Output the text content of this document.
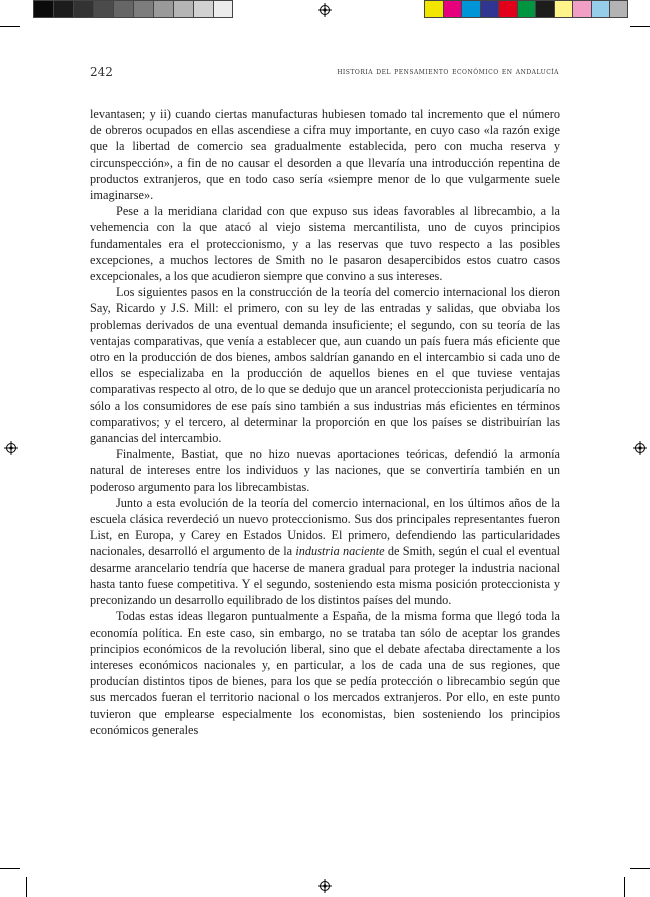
242	historia del pensamiento económico en andalucía

levantasen; y ii) cuando ciertas manufacturas hubiesen tomado tal incremento que el número de obreros ocupados en ellas ascendiese a cifra muy importante, en cuyo caso «la razón exige que la libertad de comercio sea gradualmente establecida, pero con mucha reserva y circunspección», a fin de no causar el desorden a que llevaría una introducción repentina de productos extranjeros, que en todo caso sería «siempre menor de lo que vulgarmente suele imaginarse».

Pese a la meridiana claridad con que expuso sus ideas favorables al librecambio, a la vehemencia con la que atacó al viejo sistema mercantilista, uno de cuyos principios fundamentales era el proteccionismo, y a las reservas que tuvo respecto a las posibles excepciones, a muchos lectores de Smith no le pasaron desapercibidos estos cuatro casos excepcionales, a los que acudieron siempre que convino a sus intereses.

Los siguientes pasos en la construcción de la teoría del comercio internacional los dieron Say, Ricardo y J.S. Mill: el primero, con su ley de las entradas y salidas, que obviaba los problemas derivados de una eventual demanda insuficiente; el segundo, con su teoría de las ventajas comparativas, que venía a establecer que, aun cuando un país fuera más eficiente que otro en la producción de dos bienes, ambos saldrían ganando en el intercambio si cada uno de ellos se especializaba en la producción de aquellos bienes en el que tuviese ventajas comparativas respecto al otro, de lo que se dedujo que un arancel proteccionista perjudicaría no sólo a los consumidores de ese país sino también a sus industrias más eficientes en términos comparativos; y el tercero, al determinar la proporción en que los países se distribuirían las ganancias del intercambio.

Finalmente, Bastiat, que no hizo nuevas aportaciones teóricas, defendió la armonía natural de intereses entre los individuos y las naciones, que se convertiría también en un poderoso argumento para los librecambistas.

Junto a esta evolución de la teoría del comercio internacional, en los últimos años de la escuela clásica reverdeció un nuevo proteccionismo. Sus dos principales representantes fueron List, en Europa, y Carey en Estados Unidos. El primero, defendiendo las particularidades nacionales, desarrolló el argumento de la industria naciente de Smith, según el cual el eventual desarme arancelario tendría que hacerse de manera gradual para proteger la industria nacional hasta tanto fuese competitiva. Y el segundo, sosteniendo esta misma posición proteccionista y preconizando un desarrollo equilibrado de los distintos países del mundo.

Todas estas ideas llegaron puntualmente a España, de la misma forma que llegó toda la economía política. En este caso, sin embargo, no se trataba tan sólo de aceptar los grandes principios económicos de la revolución liberal, sino que el debate afectaba directamente a los intereses económicos nacionales y, en particular, a los de cada una de sus regiones, que producían distintos tipos de bienes, para los que se pedía protección o librecambio según que sus mercados fueran el territorio nacional o los mercados extranjeros. Por ello, en este punto tuvieron que emplearse especialmente los economistas, bien sosteniendo los principios económicos generales
